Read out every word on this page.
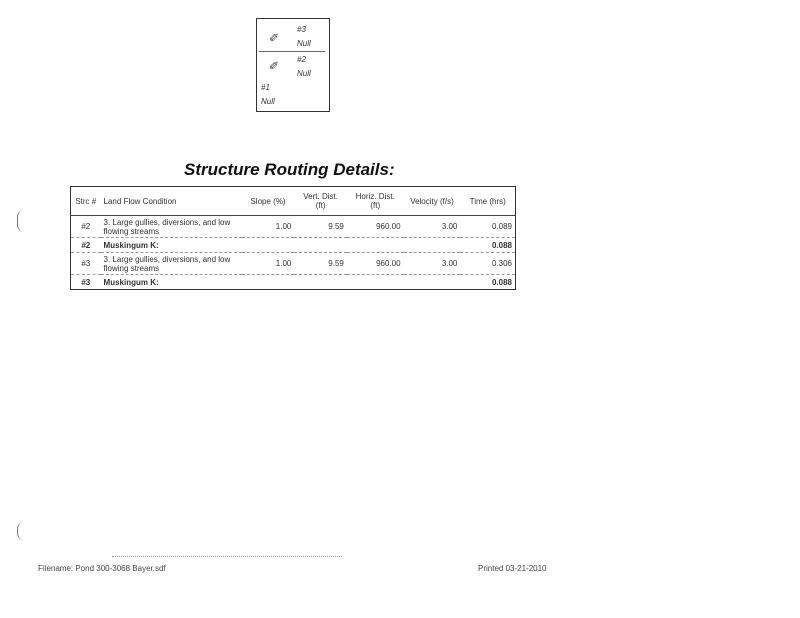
✐
#3
Null
✐ #2
Null
#1
Null
Structure Routing Details:
Strc #	Land Flow Condition	Slope (%)	Vert. Dist. (ft)	Horiz. Dist. (ft)	Velocity (f/s)	Time (hrs)
#2	3. Large gullies, diversions, and low flowing streams	1.00	9.59	960.00	3.00	0.089
#2	Muskingum K:					0.088
#3	3. Large gullies, diversions, and low flowing streams	1.00	9.59	960.00	3.00	0.306
#3	Muskingum K:					0.088
Filename: Pond 300-3068 Bayer.sdf	Printed 03-21-2010
